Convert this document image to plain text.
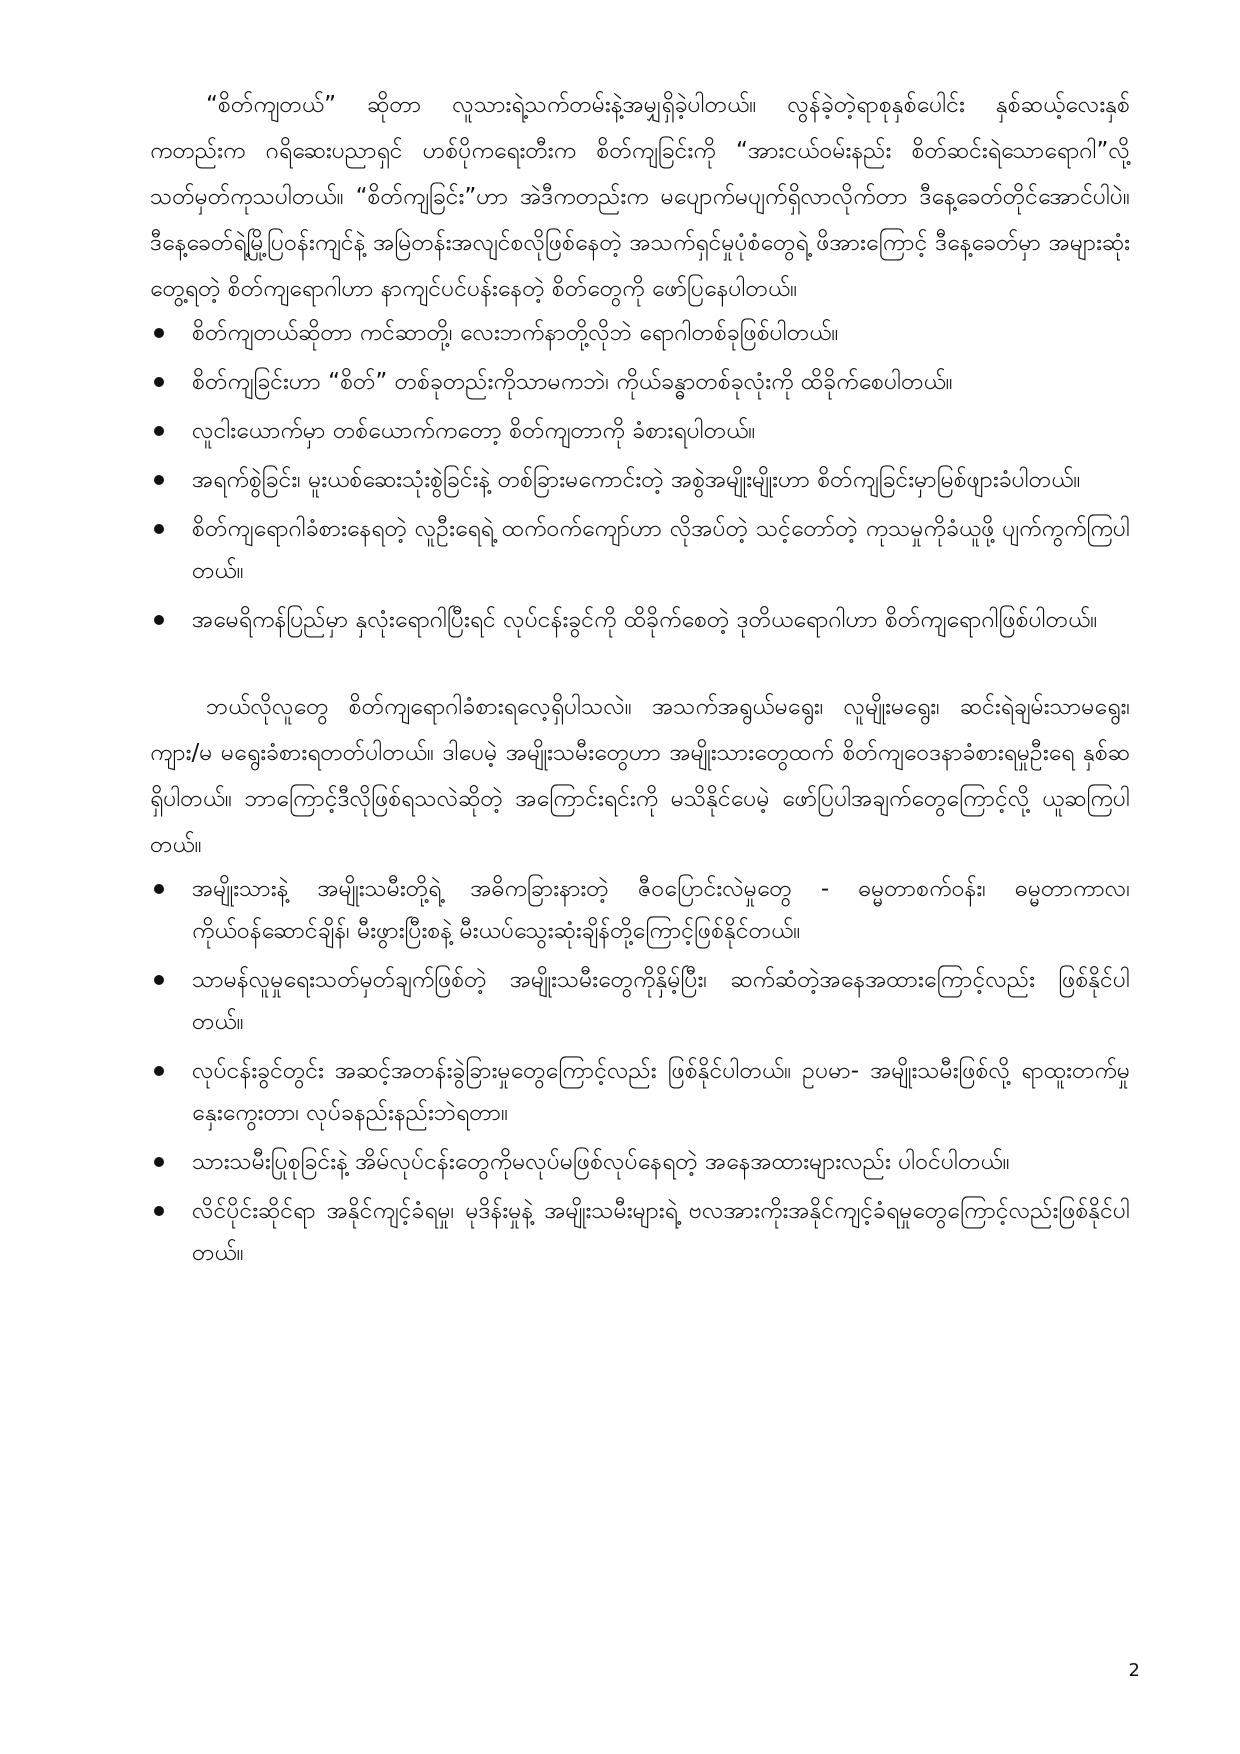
“စိတ်ကျတယ်” ဆိုတာ လူသားရဲ့သက်တမ်းနဲ့အမျှရှိခဲ့ပါတယ်။ လွန်ခဲ့တဲ့ရာစုနှစ်ပေါင်း နှစ်ဆယ့်လေးနှစ်ကတည်းက ဂရိဆေးပညာရှင် ဟစ်ပိုကရေးတီးက စိတ်ကျခြင်းကို “အားငယ်ဝမ်းနည်း စိတ်ဆင်းရဲသောရောဂါ”လို့ သတ်မှတ်ကုသပါတယ်။ “စိတ်ကျခြင်း”ဟာ အဲဒီကတည်းက မပျောက်မပျက်ရှိလာလိုက်တာ ဒီနေ့ခေတ်တိုင်အောင်ပါပဲ။ ဒီနေ့ခေတ်ရဲ့မြို့ပြဝန်းကျင်နဲ့ အမြဲတန်းအလျင်စလိုဖြစ်နေတဲ့ အသက်ရှင်မှုပုံစံတွေရဲ့ ဖိအားကြောင့် ဒီနေ့ခေတ်မှာ အများဆုံးတွေ့ရတဲ့ စိတ်ကျရောဂါဟာ နာကျင်ပင်ပန်းနေတဲ့ စိတ်တွေကို ဖော်ပြနေပါတယ်။

စိတ်ကျတယ်ဆိုတာ ကင်ဆာတို့၊ လေးဘက်နာတို့လိုဘဲ ရောဂါတစ်ခုဖြစ်ပါတယ်။
စိတ်ကျခြင်းဟာ “စိတ်” တစ်ခုတည်းကိုသာမကဘဲ၊ ကိုယ်ခန္ဓာတစ်ခုလုံးကို ထိခိုက်စေပါတယ်။
လူငါးယောက်မှာ တစ်ယောက်ကတော့ စိတ်ကျတာကို ခံစားရပါတယ်။
အရက်စွဲခြင်း၊ မူးယစ်ဆေးသုံးစွဲခြင်းနဲ့ တစ်ခြားမကောင်းတဲ့ အစွဲအမျိုးမျိုးဟာ စိတ်ကျခြင်းမှာမြစ်ဖျားခံပါတယ်။
စိတ်ကျရောဂါခံစားနေရတဲ့ လူဦးရေရဲ့ ထက်ဝက်ကျော်ဟာ လိုအပ်တဲ့ သင့်တော်တဲ့ ကုသမှုကိုခံယူဖို့ ပျက်ကွက်ကြပါတယ်။
အမေရိကန်ပြည်မှာ နှလုံးရောဂါပြီးရင် လုပ်ငန်းခွင်ကို ထိခိုက်စေတဲ့ ဒုတိယရောဂါဟာ စိတ်ကျရောဂါဖြစ်ပါတယ်။

ဘယ်လိုလူတွေ စိတ်ကျရောဂါခံစားရလေ့ရှိပါသလဲ။ အသက်အရွယ်မရွေး၊ လူမျိုးမရွေး၊ ဆင်းရဲချမ်းသာမရွေး၊ ကျား/မ မရွေးခံစားရတတ်ပါတယ်။ ဒါပေမဲ့ အမျိုးသမီးတွေဟာ အမျိုးသားတွေထက် စိတ်ကျဝေဒနာခံစားရမှုဦးရေ နှစ်ဆရှိပါတယ်။ ဘာကြောင့်ဒီလိုဖြစ်ရသလဲဆိုတဲ့ အကြောင်းရင်းကို မသိနိုင်ပေမဲ့ ဖော်ပြပါအချက်တွေကြောင့်လို့ ယူဆကြပါတယ်။

အမျိုးသားနဲ့ အမျိုးသမီးတို့ရဲ့ အဓိကခြားနားတဲ့ ဇီဝပြောင်းလဲမှုတွေ - ဓမ္မတာစက်ဝန်း၊ ဓမ္မတာကာလ၊ ကိုယ်ဝန်ဆောင်ချိန်၊ မီးဖွားပြီးစနဲ့ မီးယပ်သွေးဆုံးချိန်တို့ကြောင့်ဖြစ်နိုင်တယ်။
သာမန်လူမှုရေးသတ်မှတ်ချက်ဖြစ်တဲ့ အမျိုးသမီးတွေကိုနှိမ့်ပြီး၊ ဆက်ဆံတဲ့အနေအထားကြောင့်လည်း ဖြစ်နိုင်ပါတယ်။
လုပ်ငန်းခွင်တွင်း အဆင့်အတန်းခွဲခြားမှုတွေကြောင့်လည်း ဖြစ်နိုင်ပါတယ်။ ဥပမာ- အမျိုးသမီးဖြစ်လို့ ရာထူးတက်မှုနှေးကွေးတာ၊ လုပ်ခနည်းနည်းဘဲရတာ။
သားသမီးပြုစုခြင်းနဲ့ အိမ်လုပ်ငန်းတွေကိုမလုပ်မဖြစ်လုပ်နေရတဲ့ အနေအထားများလည်း ပါဝင်ပါတယ်။
လိင်ပိုင်းဆိုင်ရာ အနိုင်ကျင့်ခံရမှု၊ မုဒိန်းမှုနဲ့ အမျိုးသမီးများရဲ့ ဗလအားကိုးအနိုင်ကျင့်ခံရမှုတွေကြောင့်လည်းဖြစ်နိုင်ပါတယ်။
2
